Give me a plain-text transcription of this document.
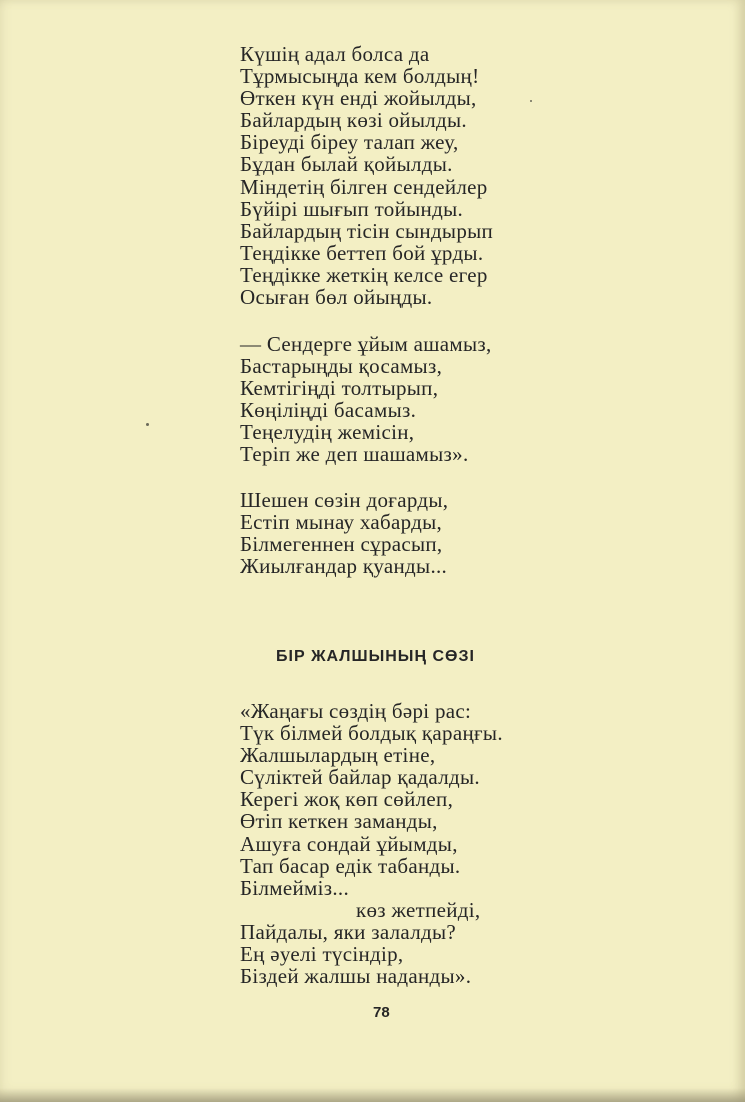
Күшің адал болса да
Тұрмысыңда кем болдың!
Өткен күн енді жойылды,
Байлардың көзі ойылды.
Біреуді біреу талап жеу,
Бұдан былай қойылды.
Міндетің білген сендейлер
Бүйірі шығып тойынды.
Байлардың тісін сындырып
Теңдікке беттеп бой ұрды.
Теңдікке жеткің келсе егер
Осыған бөл ойыңды.
— Сендерге ұйым ашамыз,
Бастарыңды қосамыз,
Кемтігіңді толтырып,
Көңіліңді басамыз.
Теңелудің жемісін,
Теріп же деп шашамыз».
Шешен сөзін доғарды,
Естіп мынау хабарды,
Білмегеннен сұрасып,
Жиылғандар қуанды...
БІР ЖАЛШЫНЫҢ СӨЗІ
«Жаңағы сөздің бәрі рас:
Түк білмей болдық қараңғы.
Жалшылардың етіне,
Сүліктей байлар қадалды.
Керегі жоқ көп сөйлеп,
Өтіп кеткен заманды,
Ашуға сондай ұйымды,
Тап басар едік табанды.
Білмейміз...
көз жетпейді,
Пайдалы, яки залалды?
Ең әуелі түсіндір,
Біздей жалшы наданды».
78
